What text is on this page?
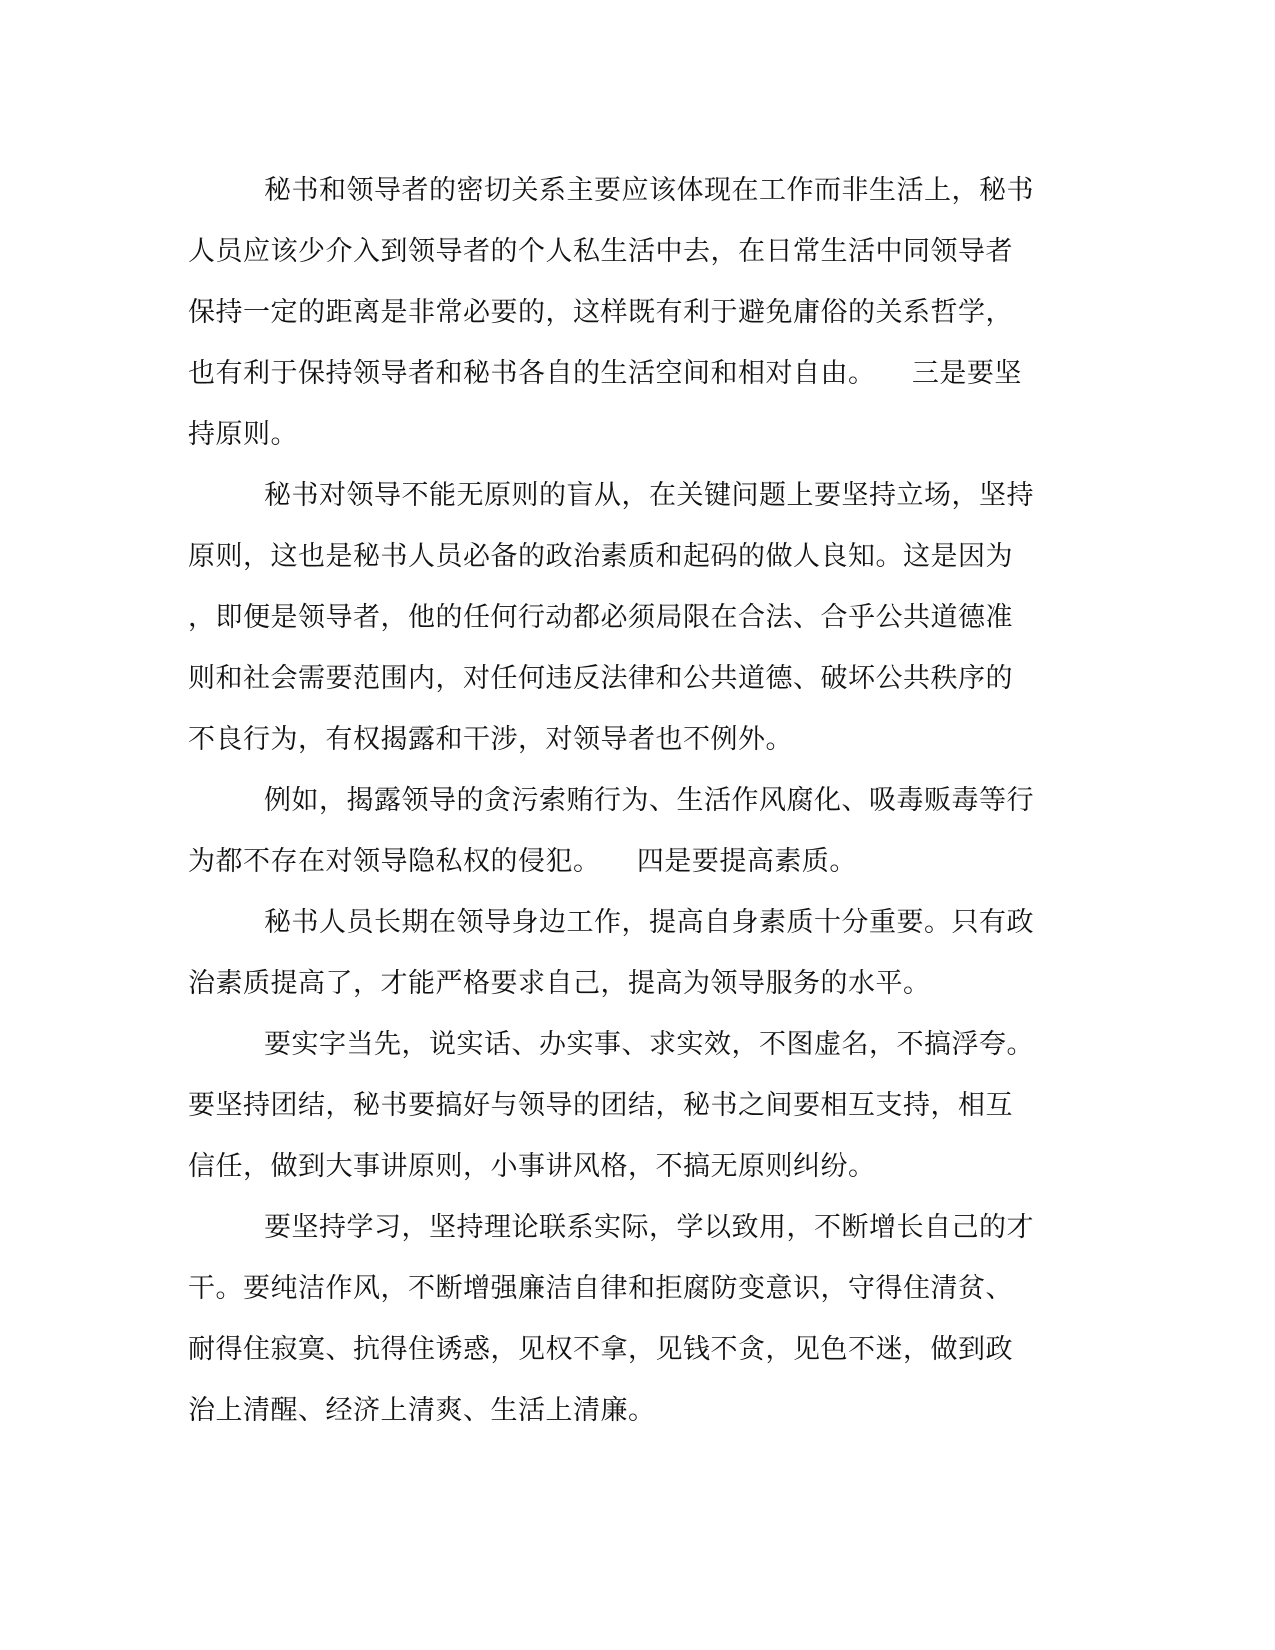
秘书和领导者的密切关系主要应该体现在工作而非生活上，秘书
人员应该少介入到领导者的个人私生活中去，在日常生活中同领导者
保持一定的距离是非常必要的，这样既有利于避免庸俗的关系哲学，
也有利于保持领导者和秘书各自的生活空间和相对自由。    三是要坚
持原则。
秘书对领导不能无原则的盲从，在关键问题上要坚持立场，坚持
原则，这也是秘书人员必备的政治素质和起码的做人良知。这是因为
，即便是领导者，他的任何行动都必须局限在合法、合乎公共道德准
则和社会需要范围内，对任何违反法律和公共道德、破坏公共秩序的
不良行为，有权揭露和干涉，对领导者也不例外。
例如，揭露领导的贪污索贿行为、生活作风腐化、吸毒贩毒等行
为都不存在对领导隐私权的侵犯。    四是要提高素质。
秘书人员长期在领导身边工作，提高自身素质十分重要。只有政
治素质提高了，才能严格要求自己，提高为领导服务的水平。
要实字当先，说实话、办实事、求实效，不图虚名，不搞浮夸。
要坚持团结，秘书要搞好与领导的团结，秘书之间要相互支持，相互
信任，做到大事讲原则，小事讲风格，不搞无原则纠纷。
要坚持学习，坚持理论联系实际，学以致用，不断增长自己的才
干。要纯洁作风，不断增强廉洁自律和拒腐防变意识，守得住清贫、
耐得住寂寞、抗得住诱惑，见权不拿，见钱不贪，见色不迷，做到政
治上清醒、经济上清爽、生活上清廉。
